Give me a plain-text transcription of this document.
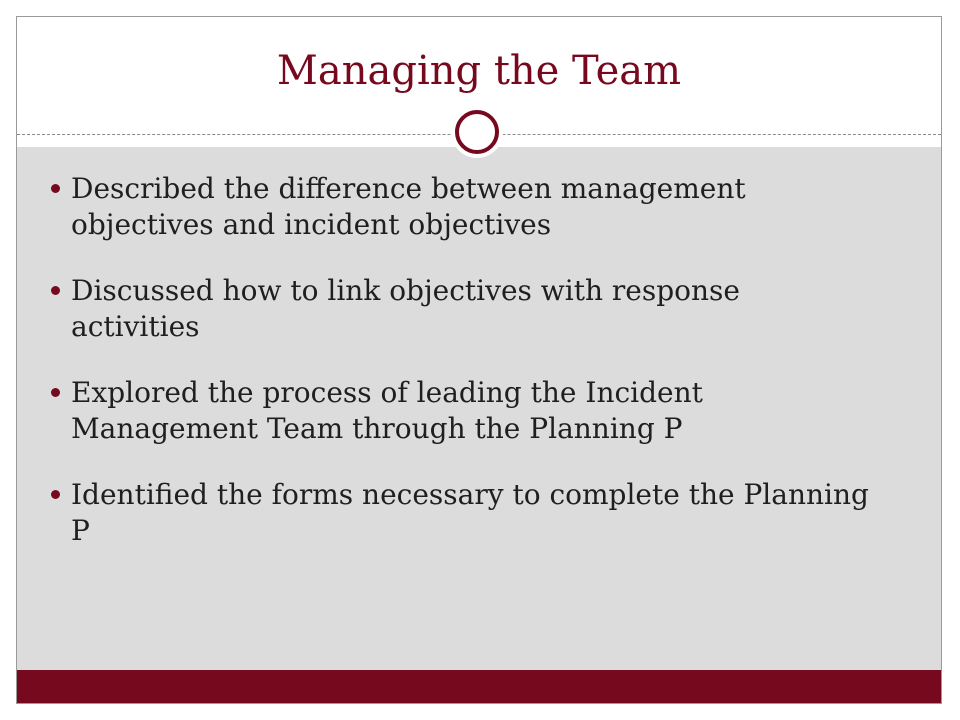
Managing the Team
Described the difference between management objectives and incident objectives
Discussed how to link objectives with response activities
Explored the process of leading the Incident Management Team through the Planning P
Identified the forms necessary to complete the Planning P
